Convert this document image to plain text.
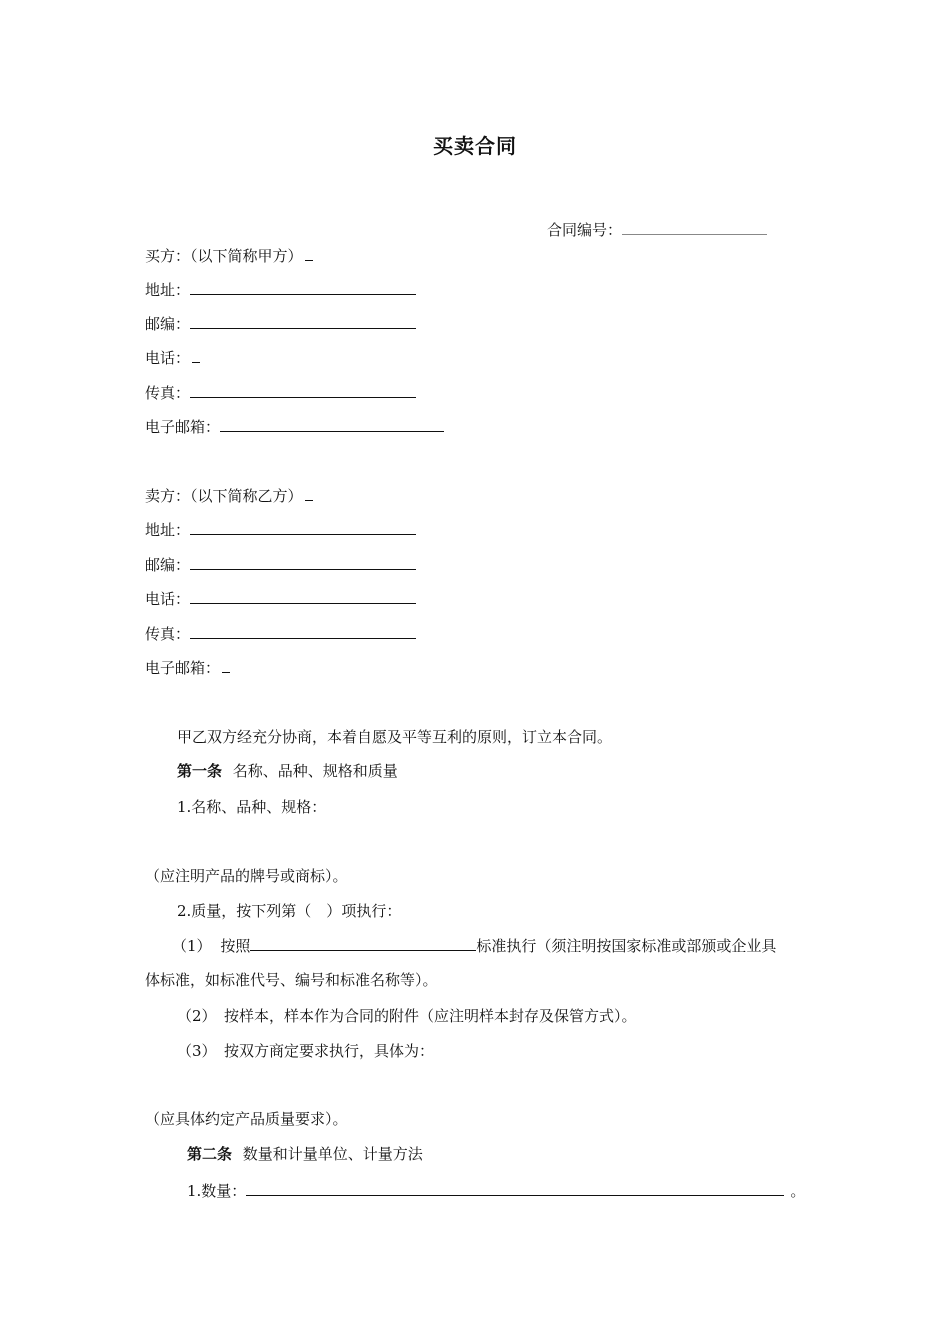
买卖合同
合同编号：
买方：（以下简称甲方）
地址：
邮编：
电话：
传真：
电子邮箱：
卖方：（以下简称乙方）
地址：
邮编：
电话：
传真：
电子邮箱：
甲乙双方经充分协商，本着自愿及平等互利的原则，订立本合同。
第一条 名称、品种、规格和质量
1.名称、品种、规格：
（应注明产品的牌号或商标）。
2.质量，按下列第（　）项执行：
（1） 按照	标准执行（须注明按国家标准或部颁或企业具
体标准，如标准代号、编号和标准名称等）。
（2）　按样本，样本作为合同的附件（应注明样本封存及保管方式）。
（3）　按双方商定要求执行，具体为：
（应具体约定产品质量要求）。
第二条 数量和计量单位、计量方法
1.数量：	。
